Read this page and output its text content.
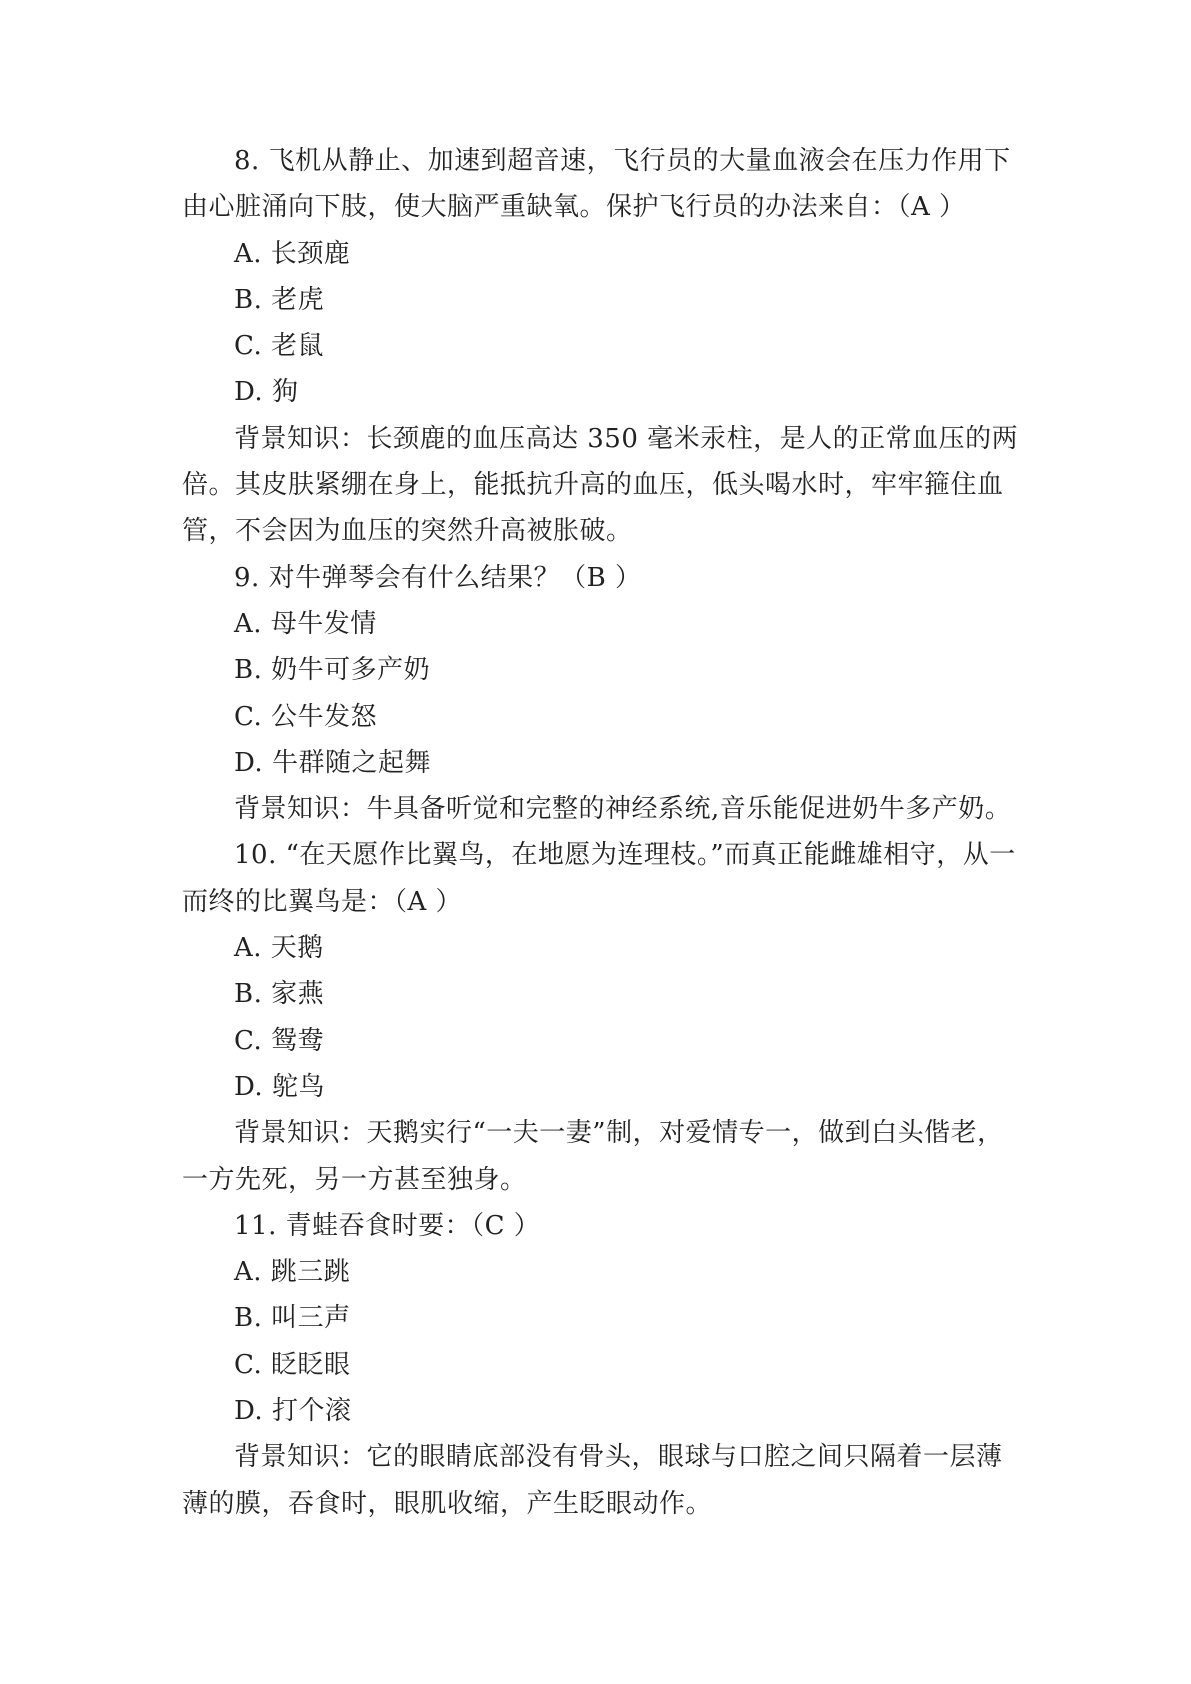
8. 飞机从静止、加速到超音速，飞行员的大量血液会在压力作用下由心脏涌向下肢，使大脑严重缺氧。保护飞行员的办法来自：（A ）

A. 长颈鹿

B. 老虎

C. 老鼠

D. 狗

背景知识：长颈鹿的血压高达 350 毫米汞柱，是人的正常血压的两倍。其皮肤紧绷在身上，能抵抗升高的血压，低头喝水时，牢牢箍住血管，不会因为血压的突然升高被胀破。

9. 对牛弹琴会有什么结果？（B ）

A. 母牛发情

B. 奶牛可多产奶

C. 公牛发怒

D. 牛群随之起舞

背景知识：牛具备听觉和完整的神经系统,音乐能促进奶牛多产奶。

10. “在天愿作比翼鸟，在地愿为连理枝。”而真正能雌雄相守，从一而终的比翼鸟是：（A ）

A. 天鹅

B. 家燕

C. 鸳鸯

D. 鸵鸟

背景知识：天鹅实行“一夫一妻”制，对爱情专一，做到白头偕老，一方先死，另一方甚至独身。

11. 青蛙吞食时要：（C ）

A. 跳三跳

B. 叫三声

C. 眨眨眼

D. 打个滚

背景知识：它的眼睛底部没有骨头，眼球与口腔之间只隔着一层薄薄的膜，吞食时，眼肌收缩，产生眨眼动作。
